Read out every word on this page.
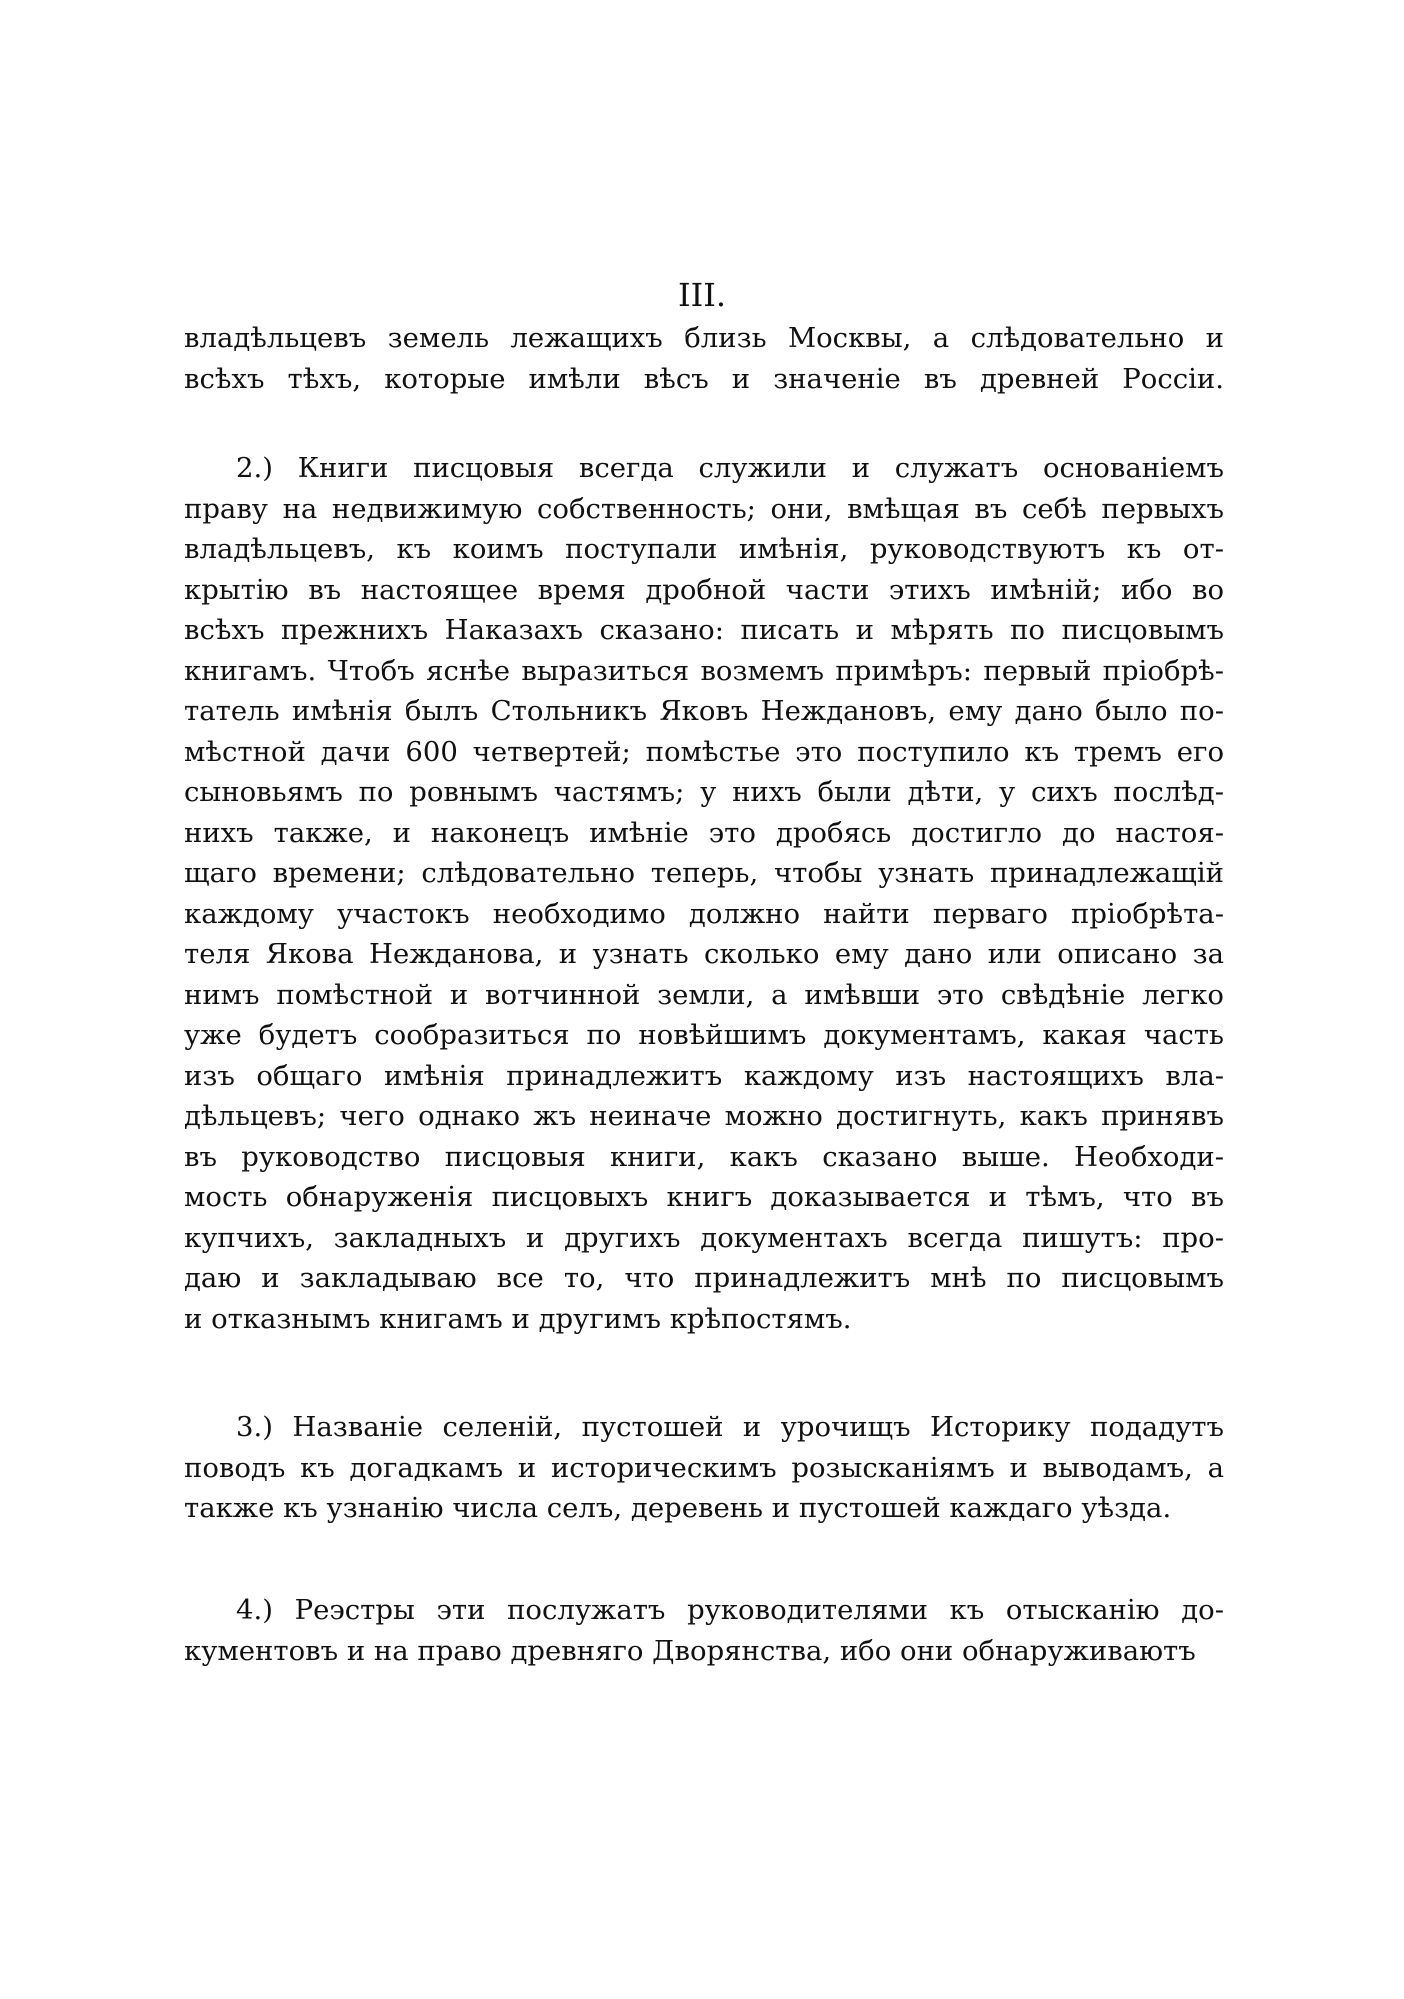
III.
владѣльцевъ земель лежащихъ близь Москвы, а слѣдовательно и
всѣхъ тѣхъ, которые имѣли вѣсъ и значеніе въ древней Россіи.
2.) Книги писцовыя всегда служили и служатъ основаніемъ
праву на недвижимую собственность; они, вмѣщая въ себѣ первыхъ
владѣльцевъ, къ коимъ поступали имѣнія, руководствуютъ къ от-
крытію въ настоящее время дробной части этихъ имѣній; ибо во
всѣхъ прежнихъ Наказахъ сказано: писать и мѣрять по писцовымъ
книгамъ. Чтобъ яснѣе выразиться возмемъ примѣръ: первый пріобрѣ-
татель имѣнія былъ Стольникъ Яковъ Неждановъ, ему дано было по-
мѣстной дачи 600 четвертей; помѣстье это поступило къ тремъ его
сыновьямъ по ровнымъ частямъ; у нихъ были дѣти, у сихъ послѣд-
нихъ также, и наконецъ имѣніе это дробясь достигло до настоя-
щаго времени; слѣдовательно теперь, чтобы узнать принадлежащій
каждому участокъ необходимо должно найти перваго пріобрѣта-
теля Якова Нежданова, и узнать сколько ему дано или описано за
нимъ помѣстной и вотчинной земли, а имѣвши это свѣдѣніе легко
уже будетъ сообразиться по новѣйшимъ документамъ, какая часть
изъ общаго имѣнія принадлежитъ каждому изъ настоящихъ вла-
дѣльцевъ; чего однако жъ неиначе можно достигнуть, какъ принявъ
въ руководство писцовыя книги, какъ сказано выше. Необходи-
мость обнаруженія писцовыхъ книгъ доказывается и тѣмъ, что въ
купчихъ, закладныхъ и другихъ документахъ всегда пишутъ: про-
даю и закладываю все то, что принадлежитъ мнѣ по писцовымъ
и отказнымъ книгамъ и другимъ крѣпостямъ.
3.) Названіе селеній, пустошей и урочищъ Историку подадутъ
поводъ къ догадкамъ и историческимъ розысканіямъ и выводамъ, а
также къ узнанію числа селъ, деревень и пустошей каждаго уѣзда.
4.) Реэстры эти послужатъ руководителями къ отысканію до-
кументовъ и на право древняго Дворянства, ибо они обнаруживаютъ
